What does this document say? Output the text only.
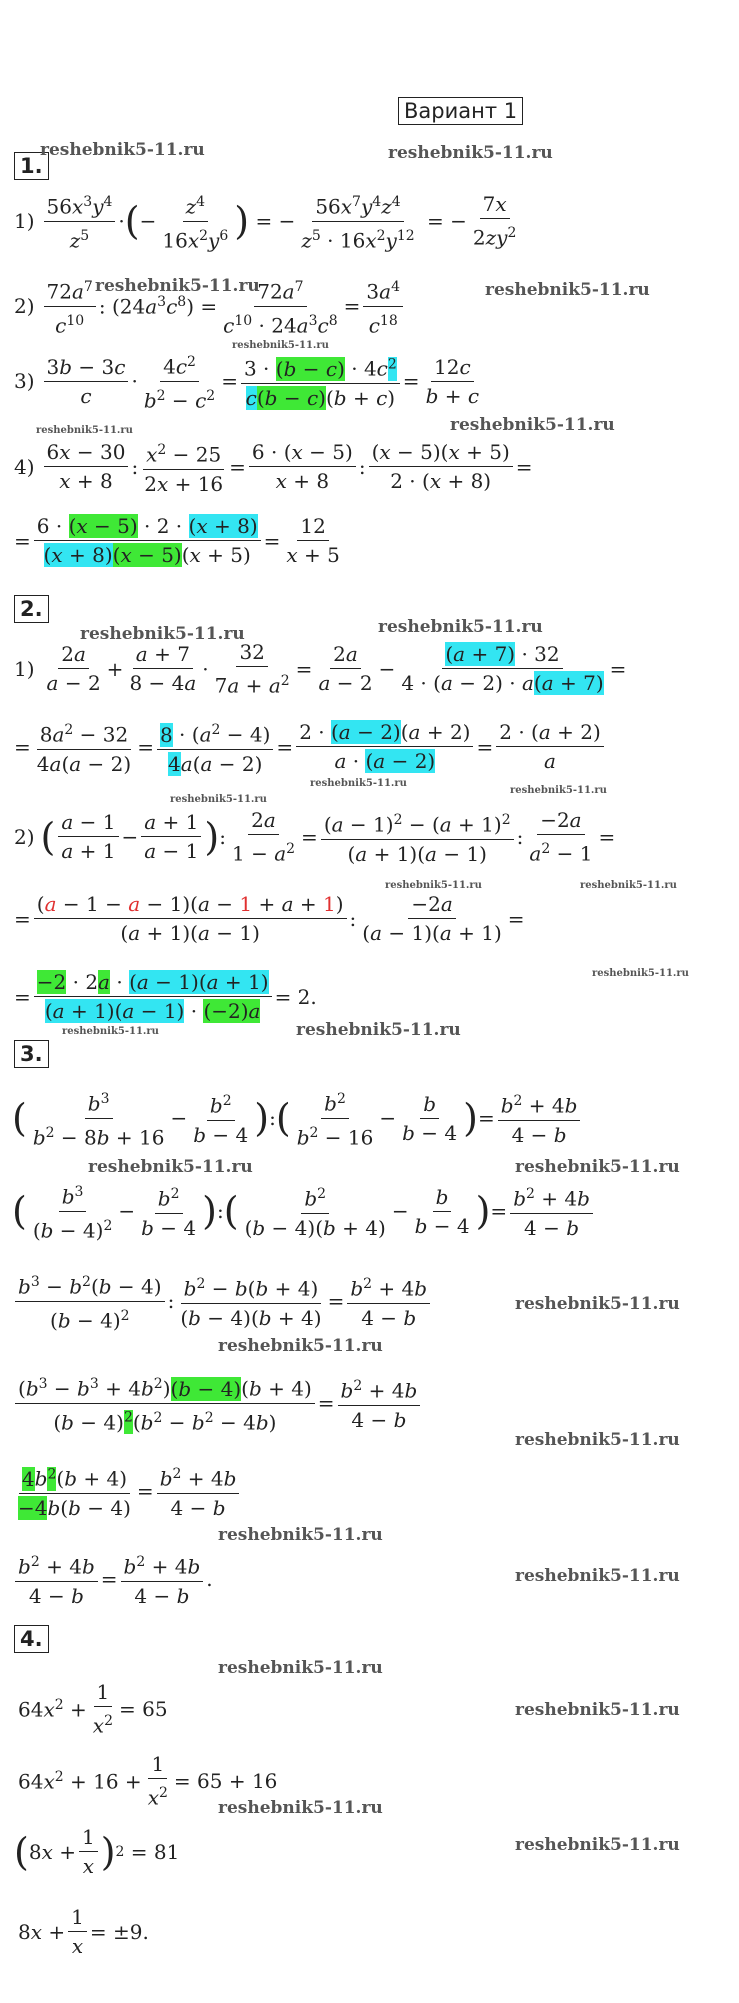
Вариант 1
1.
2.
3.
4.
1)
$56x^3y^4$
$z^5$
· ( − $\frac{z^4}{16x^2y^6}$ ) = − $\frac{56x^7y^4z^4}{z^5 \cdot 16x^2y^{12}}$ = − $\frac{7x}{2zy^2}$
2)
$72a^7$
$c^{10}$
: $(24a^3c^8) = \frac{72a^7}{c^{10} \cdot 24a^3c^8} = \frac{3a^4}{c^{18}}$
3)
3b − 3c
c
· $\frac{4c^2}{b^2 - c^2} = \frac{3 \cdot (b - c) \cdot 4c^2}{c(b - c)(b + c)} = \frac{12c}{b + c}$
4)
6x − 30
x + 8
: $\frac{x^2 - 25}{2x + 16} = \frac{6 \cdot (x - 5)}{x + 8}$ : $\frac{(x - 5)(x + 5)}{2 \cdot (x + 8)}$ =
= $\frac{6 \cdot (x - 5) \cdot 2 \cdot (x + 8)}{(x + 8)(x - 5)(x + 5)} = \frac{12}{x + 5}$
1)
2a
a − 2
+ $\frac{a + 7}{8 - 4a} \cdot \frac{32}{7a + a^2} = \frac{2a}{a - 2} - \frac{(a + 7) \cdot 32}{4 \cdot (a - 2) \cdot a(a + 7)}$ =
= $\frac{8a^2 - 32}{4a(a - 2)} = \frac{8 \cdot (a^2 - 4)}{4a(a - 2)} = \frac{2 \cdot (a - 2)(a + 2)}{a \cdot (a - 2)} = \frac{2 \cdot (a + 2)}{a}$
2) ( a − 1
a + 1
− $\frac{a + 1}{a - 1}$ ) : $\frac{2a}{1 - a^2} = \frac{(a - 1)^2 - (a + 1)^2}{(a + 1)(a - 1)}$ : $\frac{-2a}{a^2 - 1}$ =
= $\frac{(a - 1 - a - 1)(a - 1 + a + 1)}{(a + 1)(a - 1)}$ : $\frac{-2a}{(a - 1)(a + 1)}$ =
= $\frac{-2 \cdot 2a \cdot (a - 1)(a + 1)}{(a + 1)(a - 1) \cdot (-2)a} = 2$.
(	$b^3$
$b^2 - 8b + 16$
− $\frac{b^2}{b - 4}$ ) : ( $b^2$
$b^2 - 16$
− $\frac{b}{b - 4}$ ) = $\frac{b^2 + 4b}{4 - b}$
( $b^3$
$(b - 4)^2$
− $\frac{b^2}{b - 4}$ ) : (	$b^2$
(b − 4)(b + 4)
− $\frac{b}{b - 4}$ ) = $\frac{b^2 + 4b}{4 - b}$
$b^3 - b^2(b - 4)$
$(b - 4)^2$
: $\frac{b^2 - b(b + 4)}{(b - 4)(b + 4)} = \frac{b^2 + 4b}{4 - b}$
$\frac{(b^3 - b^3 + 4b^2)(b - 4)(b + 4)}{(b - 4)^2(b^2 - b^2 - 4b)} = \frac{b^2 + 4b}{4 - b}$
$\frac{4b^2(b + 4)}{-4b(b - 4)} = \frac{b^2 + 4b}{4 - b}$
$\frac{b^2 + 4b}{4 - b} = \frac{b^2 + 4b}{4 - b}$ .
$64x^2 + \frac{1}{x^2} = 65$
$64x^2 + 16 + \frac{1}{x^2} = 65 + 16$
( $8x + \frac{1}{x}$ ) 2 = 81
$8x + \frac{1}{x} = \pm 9$.
reshebnik5-11.ru	reshebnik5-11.ru
reshebnik5-11.ru	reshebnik5-11.ru
reshebnik5-11.ru
reshebnik5-11.ru	reshebnik5-11.ru
reshebnik5-11.ru	reshebnik5-11.ru
reshebnik5-11.ru
reshebnik5-11.ru
reshebnik5-11.ru
reshebnik5-11.ru	reshebnik5-11.ru
reshebnik5-11.ru
reshebnik5-11.ru	reshebnik5-11.ru
reshebnik5-11.ru	reshebnik5-11.ru
reshebnik5-11.ru
reshebnik5-11.ru
reshebnik5-11.ru
reshebnik5-11.ru
reshebnik5-11.ru
reshebnik5-11.ru
reshebnik5-11.ru
reshebnik5-11.ru
reshebnik5-11.ru
